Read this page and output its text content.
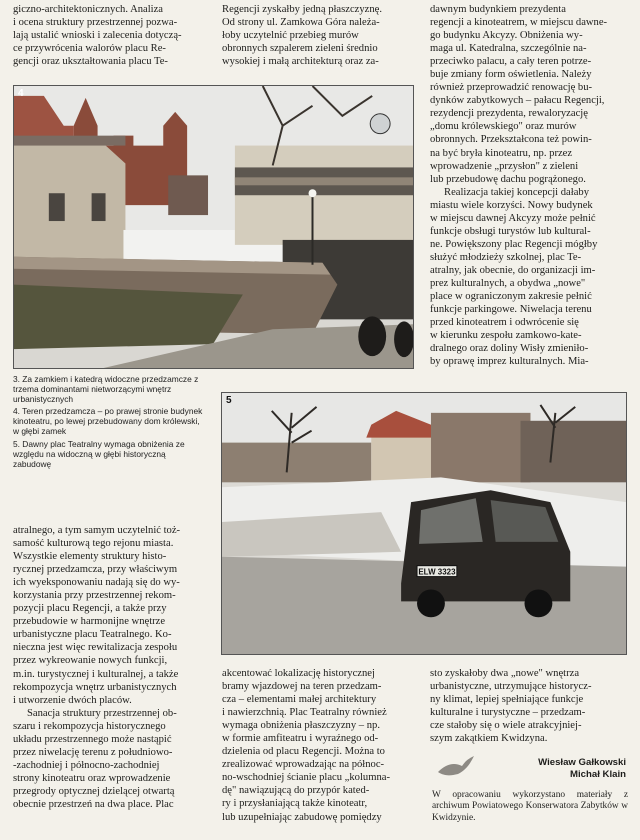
giczno-architektonicznych. Analiza
i ocena struktury przestrzennej pozwa-
lają ustalić wnioski i zalecenia dotyczą-
ce przywrócenia walorów placu Re-
gencji oraz ukształtowania placu Te-
Regencji zyskałby jedną płaszczyznę.
Od strony ul. Zamkowa Góra należa-
łoby uczytelnić przebieg murów
obronnych szpalerem zieleni średnio
wysokiej i małą architekturą oraz za-
dawnym budynkiem prezydenta
regencji a kinoteatrem, w miejscu dawne-
go budynku Akcyzy. Obniżenia wy-
maga ul. Katedralna, szczególnie na-
przeciwko palacu, a cały teren potrze-
buje zmiany form oświetlenia. Należy
również przeprowadzić renowację bu-
dynków zabytkowych – pałacu Regencji,
rezydencji prezydenta, rewaloryzację
„domu królewskiego" oraz murów
obronnych. Przekształcona też powin-
na być bryła kinoteatru, np. przez
wprowadzenie „przysłon" z zieleni
lub przebudowę dachu pogrążonego.
Realizacja takiej koncepcji dałaby
miastu wiele korzyści. Nowy budynek
w miejscu dawnej Akcyzy może pełnić
funkcje obsługi turystów lub kultural-
ne. Powiększony plac Regencji mógłby
służyć młodzieży szkolnej, plac Te-
atralny, jak obecnie, do organizacji im-
prez kulturalnych, a obydwa „nowe"
place w ograniczonym zakresie pełnić
funkcje parkingowe. Niwelacja terenu
przed kinoteatrem i odwrócenie się
w kierunku zespołu zamkowo-kate-
dralnego oraz doliny Wisły zmieniło-
by oprawę imprez kulturalnych. Mia-
4
3. Za zamkiem i katedrą widoczne przedzamcze z trzema dominantami nietworzącymi wnętrz urbanistycznych
4. Teren przedzamcza – po prawej stronie budynek kinoteatru, po lewej przebudowany dom królewski, w głębi zamek
5. Dawny plac Teatralny wymaga obniżenia ze względu na widoczną w głębi historyczną zabudowę
ELW 3323
5
atralnego, a tym samym uczytelnić toż-
samość kulturową tego rejonu miasta.
Wszystkie elementy struktury histo-
rycznej przedzamcza, przy właściwym
ich wyeksponowaniu nadają się do wy-
korzystania przy przestrzennej rekom-
pozycji placu Regencji, a także przy
przebudowie w harmonijne wnętrze
urbanistyczne placu Teatralnego. Ko-
nieczna jest więc rewitalizacja zespołu
przez wykreowanie nowych funkcji,
m.in. turystycznej i kulturalnej, a także
rekompozycja wnętrz urbanistycznych
i utworzenie dwóch placów.
Sanacja struktury przestrzennej ob-
szaru i rekompozycja historycznego
układu przestrzennego może nastąpić
przez niwelację terenu z południowo-
-zachodniej i północno-zachodniej
strony kinoteatru oraz wprowadzenie
przegrody optycznej dzielącej otwartą
obecnie przestrzeń na dwa place. Plac
akcentować lokalizację historycznej
bramy wjazdowej na teren przedzam-
cza – elementami małej architektury
i nawierzchnią. Plac Teatralny również
wymaga obniżenia płaszczyzny – np.
w formie amfiteatru i wyraźnego od-
dzielenia od placu Regencji. Można to
zrealizować wprowadzając na północ-
no-wschodniej ścianie placu „kolumna-
dę" nawiązującą do przypór kated-
ry i przysłaniającą także kinoteatr,
lub uzupełniając zabudowę pomiędzy
sto zyskałoby dwa „nowe" wnętrza
urbanistyczne, utrzymujące historycz-
ny klimat, lepiej spełniające funkcje
kulturalne i turystyczne – przedzam-
cze stałoby się o wiele atrakcyjniej-
szym zakątkiem Kwidzyna.
Wiesław Gałkowski
Michał Klain
W opracowaniu wykorzystano materiały z archiwum Powiatowego Konserwatora Zabytków w Kwidzynie.
